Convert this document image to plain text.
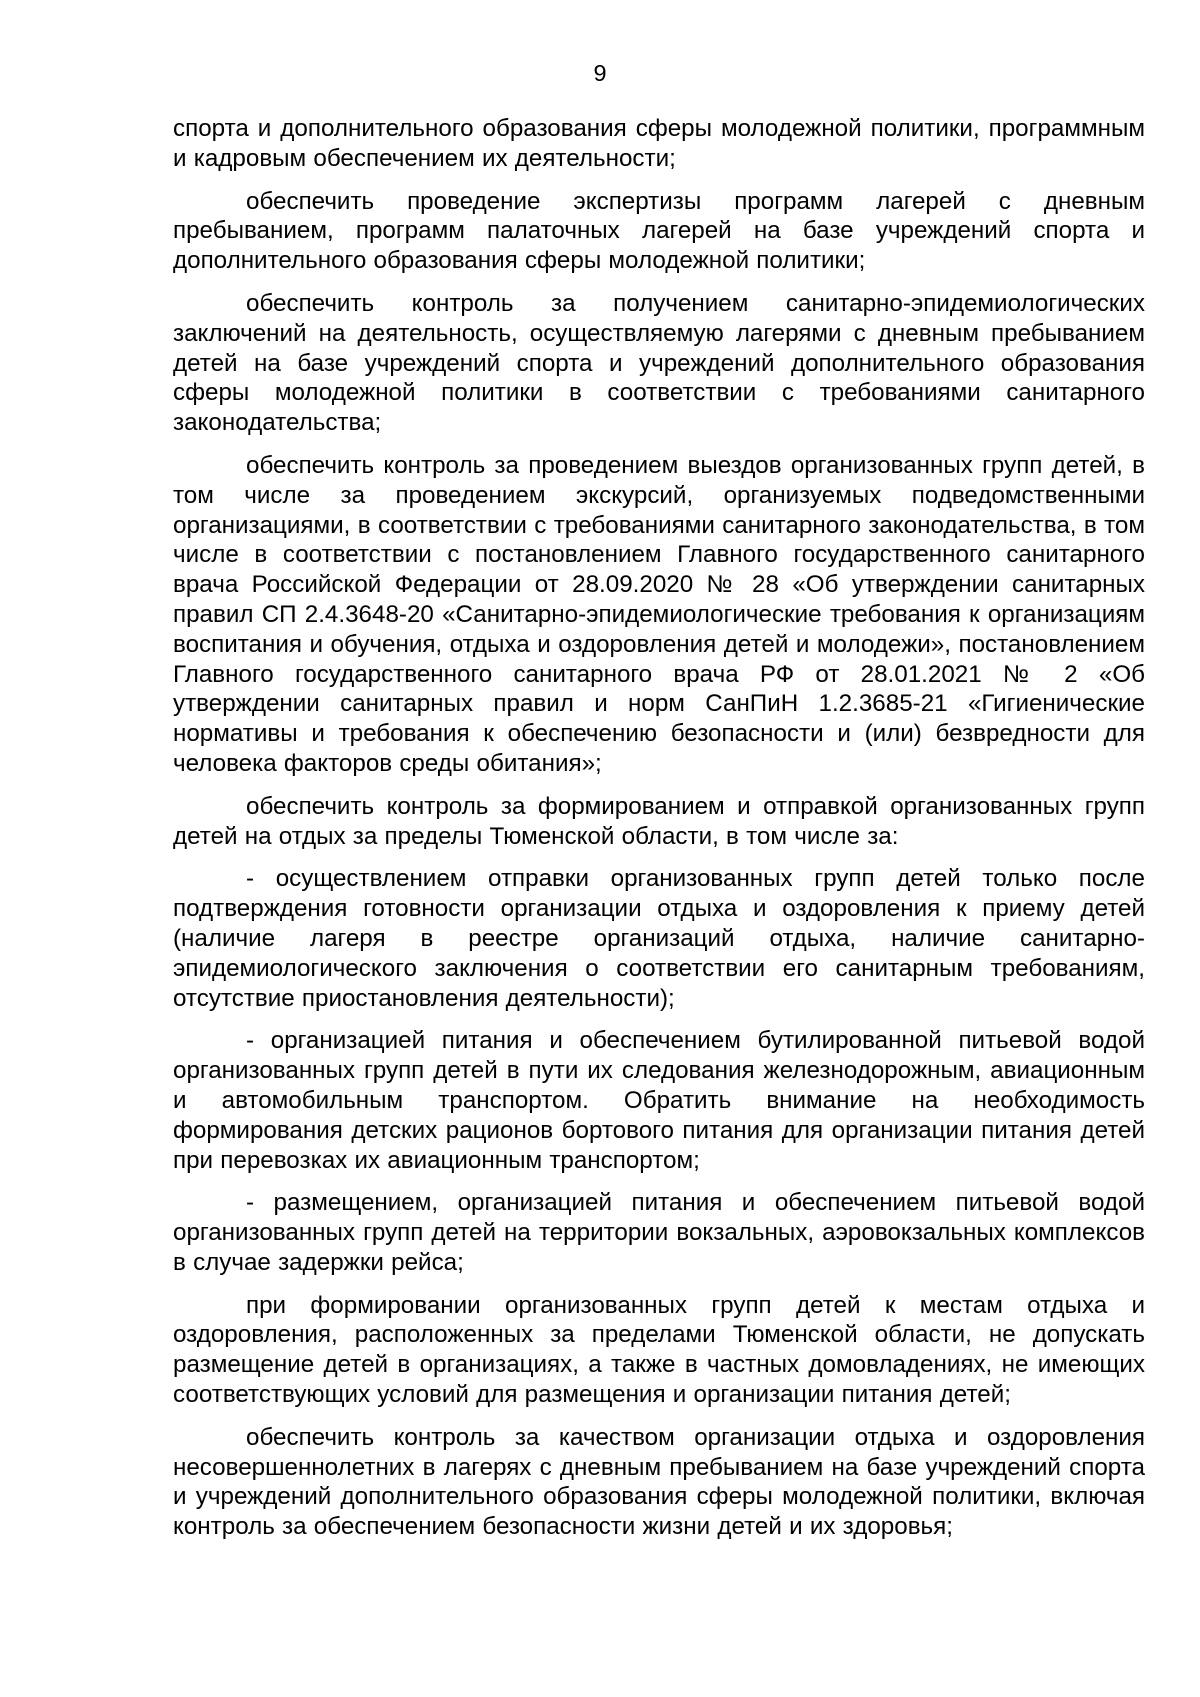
9

спорта и дополнительного образования сферы молодежной политики, программным и кадровым обеспечением их деятельности;

обеспечить проведение экспертизы программ лагерей с дневным пребыванием, программ палаточных лагерей на базе учреждений спорта и дополнительного образования сферы молодежной политики;

обеспечить контроль за получением санитарно-эпидемиологических заключений на деятельность, осуществляемую лагерями с дневным пребыванием детей на базе учреждений спорта и учреждений дополнительного образования сферы молодежной политики в соответствии с требованиями санитарного законодательства;

обеспечить контроль за проведением выездов организованных групп детей, в том числе за проведением экскурсий, организуемых подведомственными организациями, в соответствии с требованиями санитарного законодательства, в том числе в соответствии с постановлением Главного государственного санитарного врача Российской Федерации от 28.09.2020 № 28 «Об утверждении санитарных правил СП 2.4.3648-20 «Санитарно-эпидемиологические требования к организациям воспитания и обучения, отдыха и оздоровления детей и молодежи», постановлением Главного государственного санитарного врача РФ от 28.01.2021 № 2 «Об утверждении санитарных правил и норм СанПиН 1.2.3685-21 «Гигиенические нормативы и требования к обеспечению безопасности и (или) безвредности для человека факторов среды обитания»;

обеспечить контроль за формированием и отправкой организованных групп детей на отдых за пределы Тюменской области, в том числе за:

- осуществлением отправки организованных групп детей только после подтверждения готовности организации отдыха и оздоровления к приему детей (наличие лагеря в реестре организаций отдыха, наличие санитарно-эпидемиологического заключения о соответствии его санитарным требованиям, отсутствие приостановления деятельности);

- организацией питания и обеспечением бутилированной питьевой водой организованных групп детей в пути их следования железнодорожным, авиационным и автомобильным транспортом. Обратить внимание на необходимость формирования детских рационов бортового питания для организации питания детей при перевозках их авиационным транспортом;

- размещением, организацией питания и обеспечением питьевой водой организованных групп детей на территории вокзальных, аэровокзальных комплексов в случае задержки рейса;

при формировании организованных групп детей к местам отдыха и оздоровления, расположенных за пределами Тюменской области, не допускать размещение детей в организациях, а также в частных домовладениях, не имеющих соответствующих условий для размещения и организации питания детей;

обеспечить контроль за качеством организации отдыха и оздоровления несовершеннолетних в лагерях с дневным пребыванием на базе учреждений спорта и учреждений дополнительного образования сферы молодежной политики, включая контроль за обеспечением безопасности жизни детей и их здоровья;
